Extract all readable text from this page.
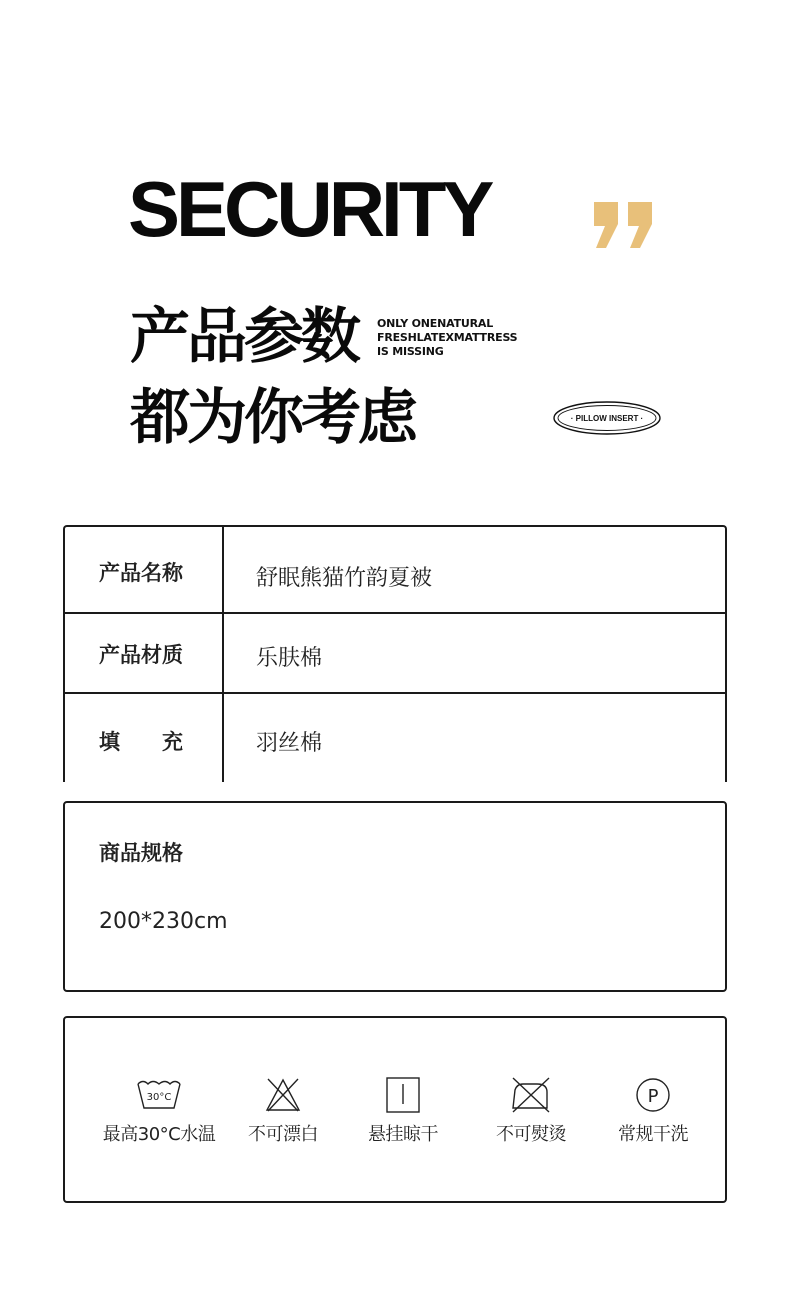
SECURITY
产品参数
都为你考虑
ONLY ONENATURAL
FRESHLATEXMATTRESS
IS MISSING
· PILLOW INSERT ·
产品名称	舒眠熊猫竹韵夏被
产品材质	乐肤棉
填　　充	羽丝棉
商品规格
200*230cm
30°C
最高30°C水温	不可漂白	悬挂晾干	不可熨烫
P
常规干洗
